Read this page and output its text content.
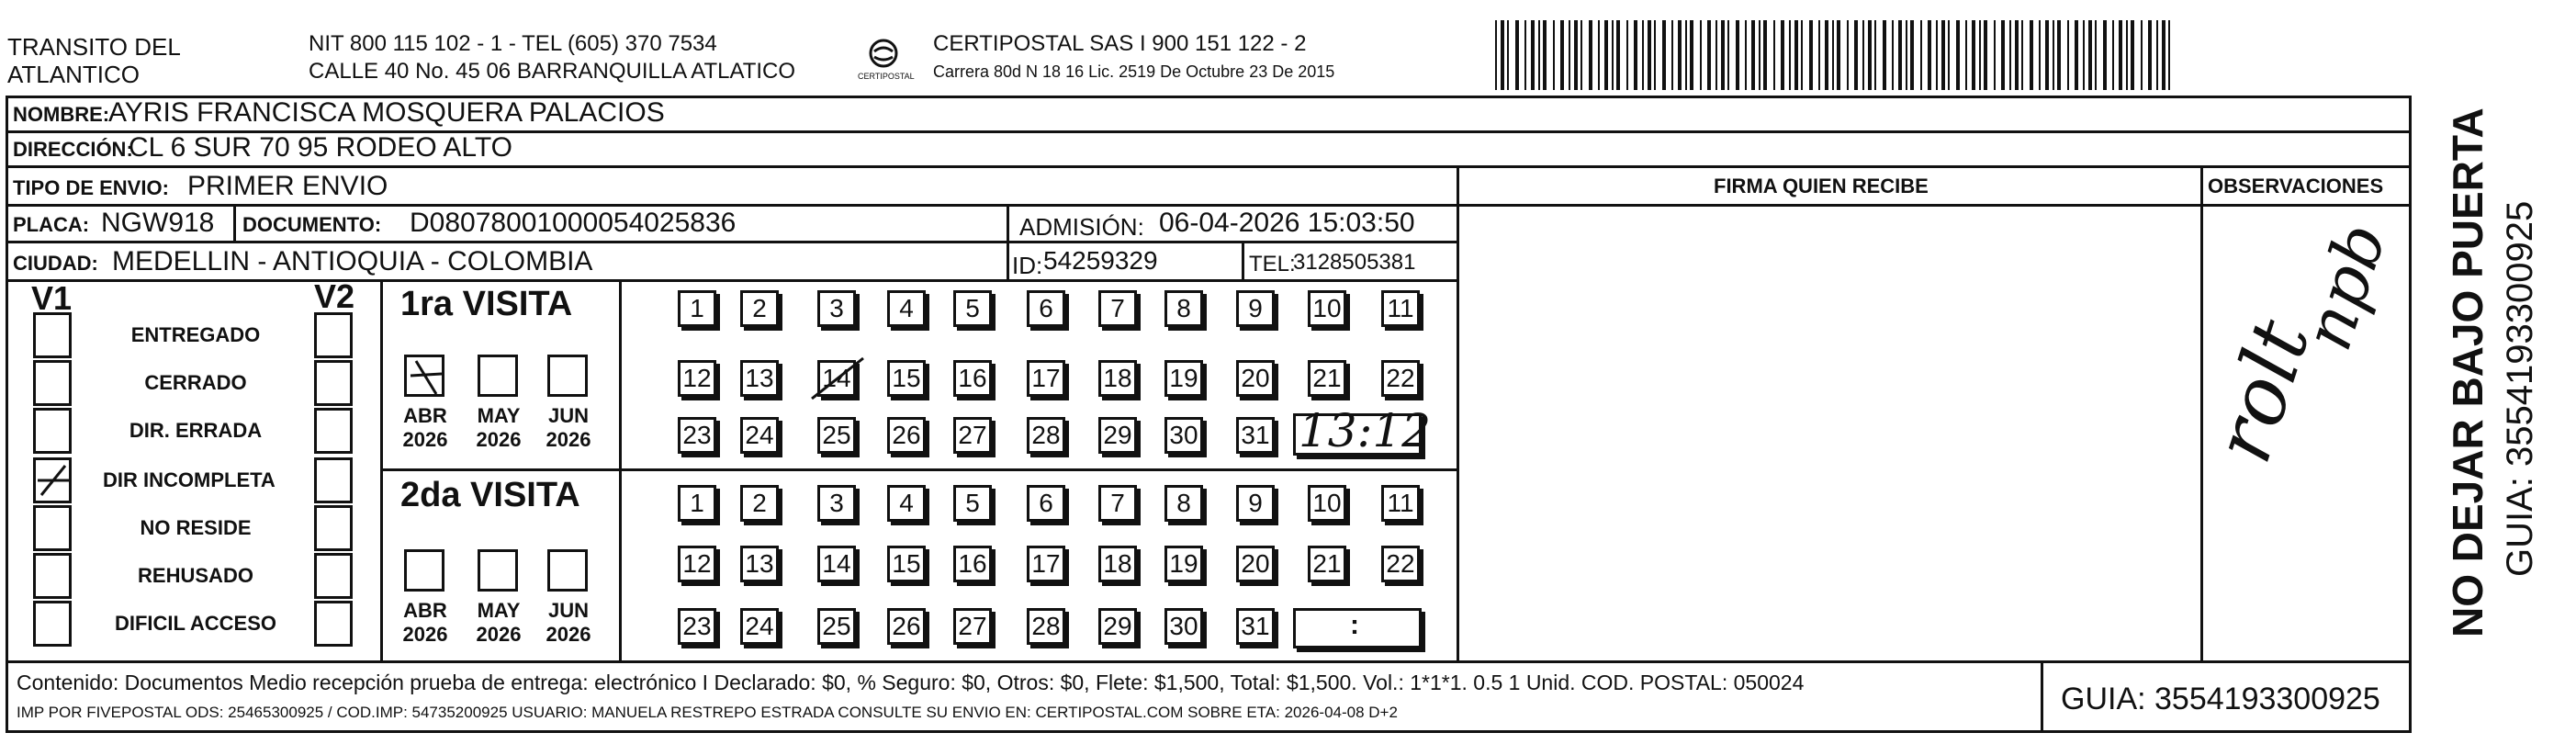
TRANSITO DEL ATLANTICO
NIT 800 115 102 - 1 - TEL (605) 370 7534
CALLE 40 No. 45 06 BARRANQUILLA ATLATICO	CERTIPOSTAL
CERTIPOSTAL SAS I 900 151 122 - 2
Carrera 80d N 18 16 Lic. 2519 De Octubre 23 De 2015
NOMBRE:
AYRIS FRANCISCA MOSQUERA PALACIOS
DIRECCIÓN:
CL 6 SUR 70 95 RODEO ALTO
TIPO DE ENVIO: PRIMER ENVIO
PLACA: NGW918 DOCUMENTO: D08078001000054025836	ADMISIÓN: 06-04-2026 15:03:50
CIUDAD: MEDELLIN - ANTIOQUIA - COLOMBIA	ID: 54259329	TEL:
3128505381
FIRMA QUIEN RECIBE	OBSERVACIONES
rolt
npb
V1	V2
ENTREGADO
CERRADO
DIR. ERRADA
DIR INCOMPLETA
NO RESIDE
REHUSADO
DIFICIL ACCESO
1ra VISITA
ABR
2026
MAY
2026
JUN
2026
1	2	3	4	5	6	7	8	9	10 11
12 13 14 15 16 17 18 19 20 21 22
23 24 25 26 27 28 29 30 31 13:12
2da VISITA
ABR
2026
MAY
2026
JUN
2026
1	2	3	4	5	6	7	8	9	10 11
12 13 14 15 16 17 18 19 20 21 22
23 24 25 26 27 28 29 30 31	:
Contenido: Documentos Medio recepción prueba de entrega: electrónico I Declarado: $0, % Seguro: $0, Otros: $0, Flete: $1,500, Total: $1,500. Vol.: 1*1*1. 0.5 1 Unid. COD. POSTAL: 050024
IMP POR FIVEPOSTAL ODS: 25465300925 / COD.IMP: 54735200925 USUARIO: MANUELA RESTREPO ESTRADA CONSULTE SU ENVIO EN: CERTIPOSTAL.COM SOBRE ETA: 2026-04-08 D+2	GUIA: 3554193300925
NO DEJAR BAJO PUERTA GUIA: 3554193300925
